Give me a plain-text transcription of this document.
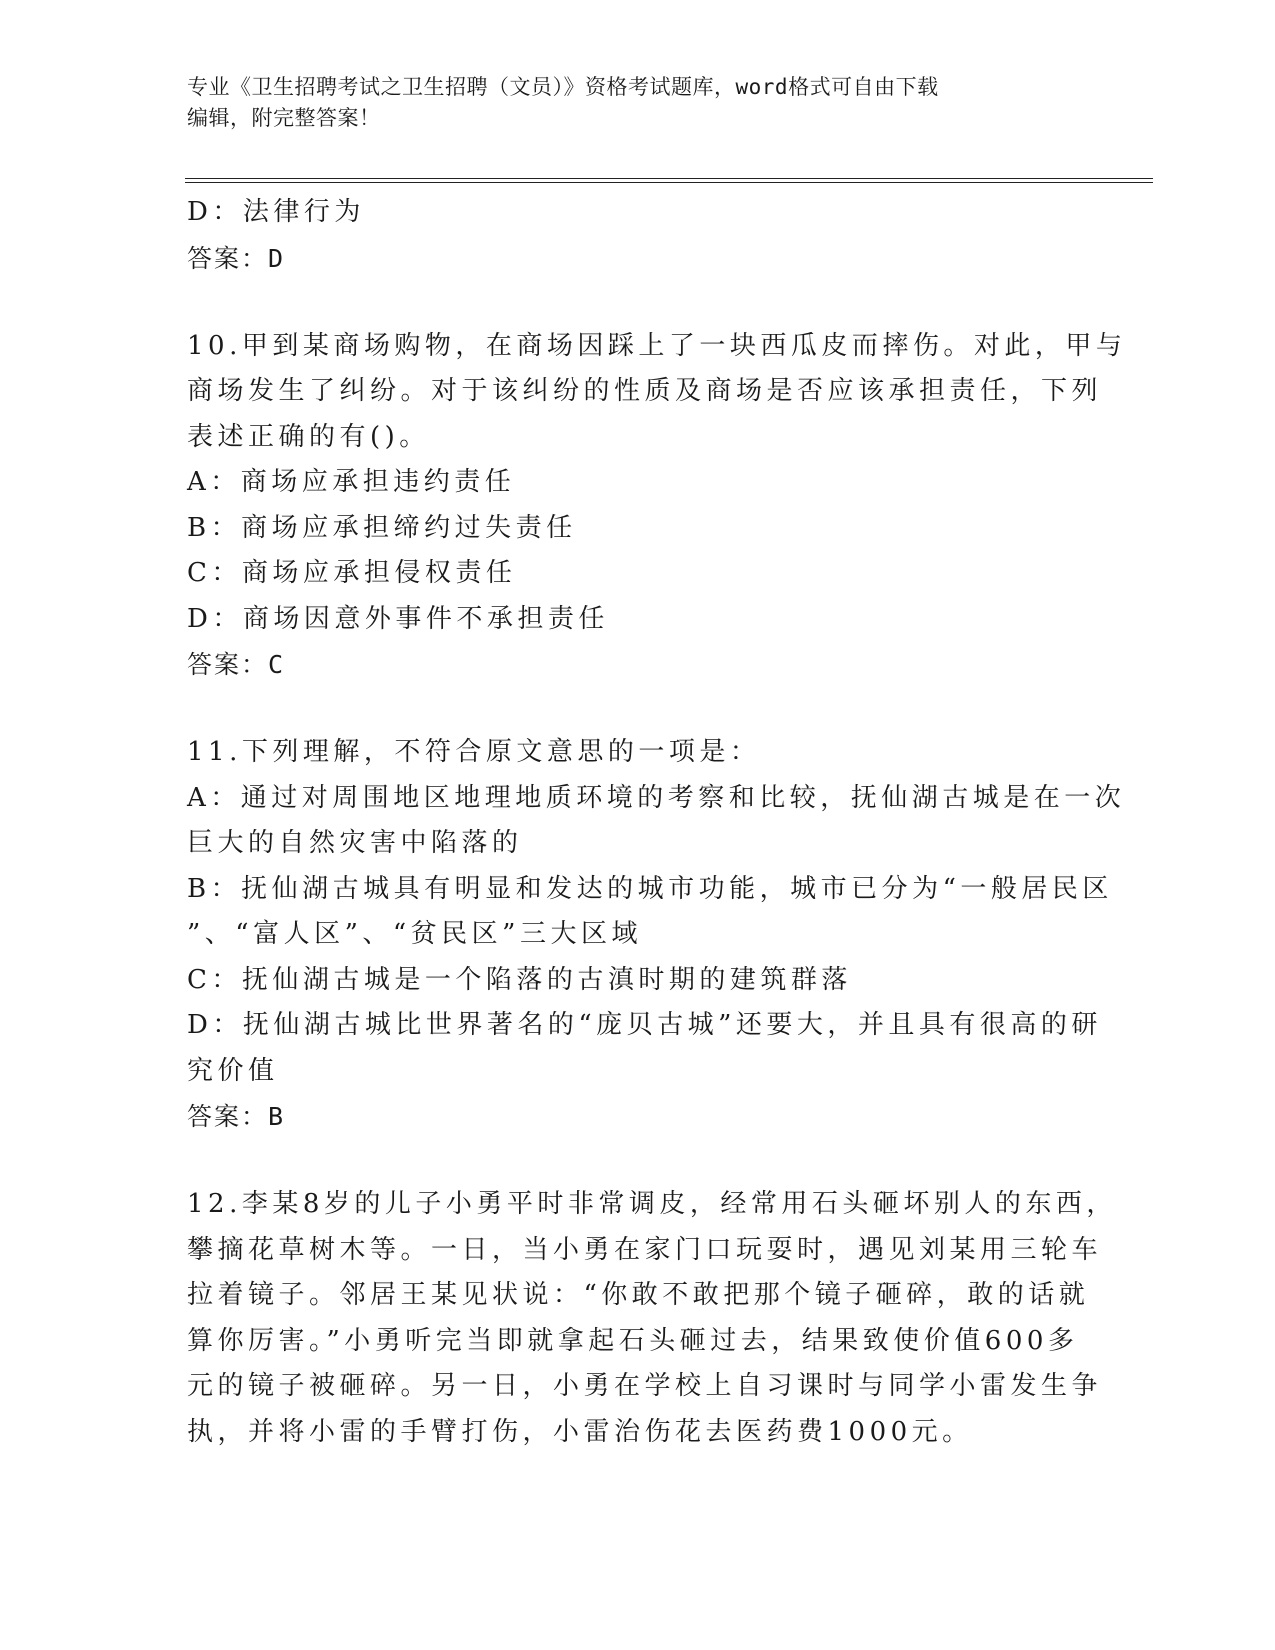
专业《卫生招聘考试之卫生招聘（文员）》资格考试题库，word格式可自由下载
编辑，附完整答案！
D：法律行为
答案：D
10.甲到某商场购物，在商场因踩上了一块西瓜皮而摔伤。对此，甲与
商场发生了纠纷。对于该纠纷的性质及商场是否应该承担责任，下列
表述正确的有()。
A：商场应承担违约责任
B：商场应承担缔约过失责任
C：商场应承担侵权责任
D：商场因意外事件不承担责任
答案：C
11.下列理解，不符合原文意思的一项是：
A：通过对周围地区地理地质环境的考察和比较，抚仙湖古城是在一次
巨大的自然灾害中陷落的
B：抚仙湖古城具有明显和发达的城市功能，城市已分为“一般居民区
”、“富人区”、“贫民区”三大区域
C：抚仙湖古城是一个陷落的古滇时期的建筑群落
D：抚仙湖古城比世界著名的“庞贝古城”还要大，并且具有很高的研
究价值
答案：B
12.李某8岁的儿子小勇平时非常调皮，经常用石头砸坏别人的东西，
攀摘花草树木等。一日，当小勇在家门口玩耍时，遇见刘某用三轮车
拉着镜子。邻居王某见状说：“你敢不敢把那个镜子砸碎，敢的话就
算你厉害。”小勇听完当即就拿起石头砸过去，结果致使价值600多
元的镜子被砸碎。另一日，小勇在学校上自习课时与同学小雷发生争
执，并将小雷的手臂打伤，小雷治伤花去医药费1000元。
